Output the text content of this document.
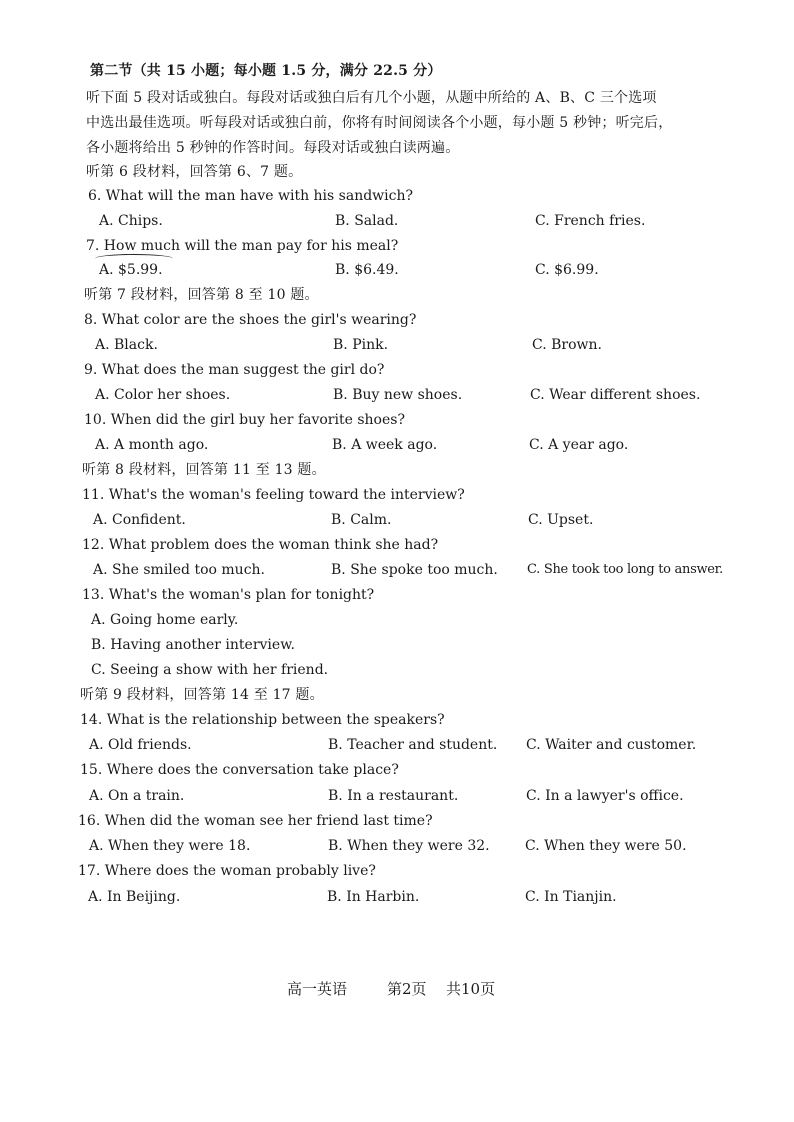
第二节（共 15 小题；每小题 1.5 分，满分 22.5 分）
听下面 5 段对话或独白。每段对话或独白后有几个小题，从题中所给的 A、B、C 三个选项
中选出最佳选项。听每段对话或独白前，你将有时间阅读各个小题，每小题 5 秒钟；听完后，
各小题将给出 5 秒钟的作答时间。每段对话或独白读两遍。
听第 6 段材料，回答第 6、7 题。
6. What will the man have with his sandwich?
A. Chips.	B. Salad.	C. French fries.
7. How much will the man pay for his meal?
A. $5.99.	B. $6.49.	C. $6.99.
听第 7 段材料，回答第 8 至 10 题。
8. What color are the shoes the girl's wearing?
A. Black.	B. Pink.	C. Brown.
9. What does the man suggest the girl do?
A. Color her shoes.	B. Buy new shoes.	C. Wear different shoes.
10. When did the girl buy her favorite shoes?
A. A month ago.	B. A week ago.	C. A year ago.
听第 8 段材料，回答第 11 至 13 题。
11. What's the woman's feeling toward the interview?
A. Confident.	B. Calm.	C. Upset.
12. What problem does the woman think she had?
A. She smiled too much.	B. She spoke too much. C. She took too long to answer.
13. What's the woman's plan for tonight?
A. Going home early.
B. Having another interview.
C. Seeing a show with her friend.
听第 9 段材料，回答第 14 至 17 题。
14. What is the relationship between the speakers?
A. Old friends.	B. Teacher and student. C. Waiter and customer.
15. Where does the conversation take place?
A. On a train.	B. In a restaurant.	C. In a lawyer's office.
16. When did the woman see her friend last time?
A. When they were 18.	B. When they were 32.	C. When they were 50.
17. Where does the woman probably live?
A. In Beijing.	B. In Harbin.	C. In Tianjin.
高一英语	第2页 共10页
